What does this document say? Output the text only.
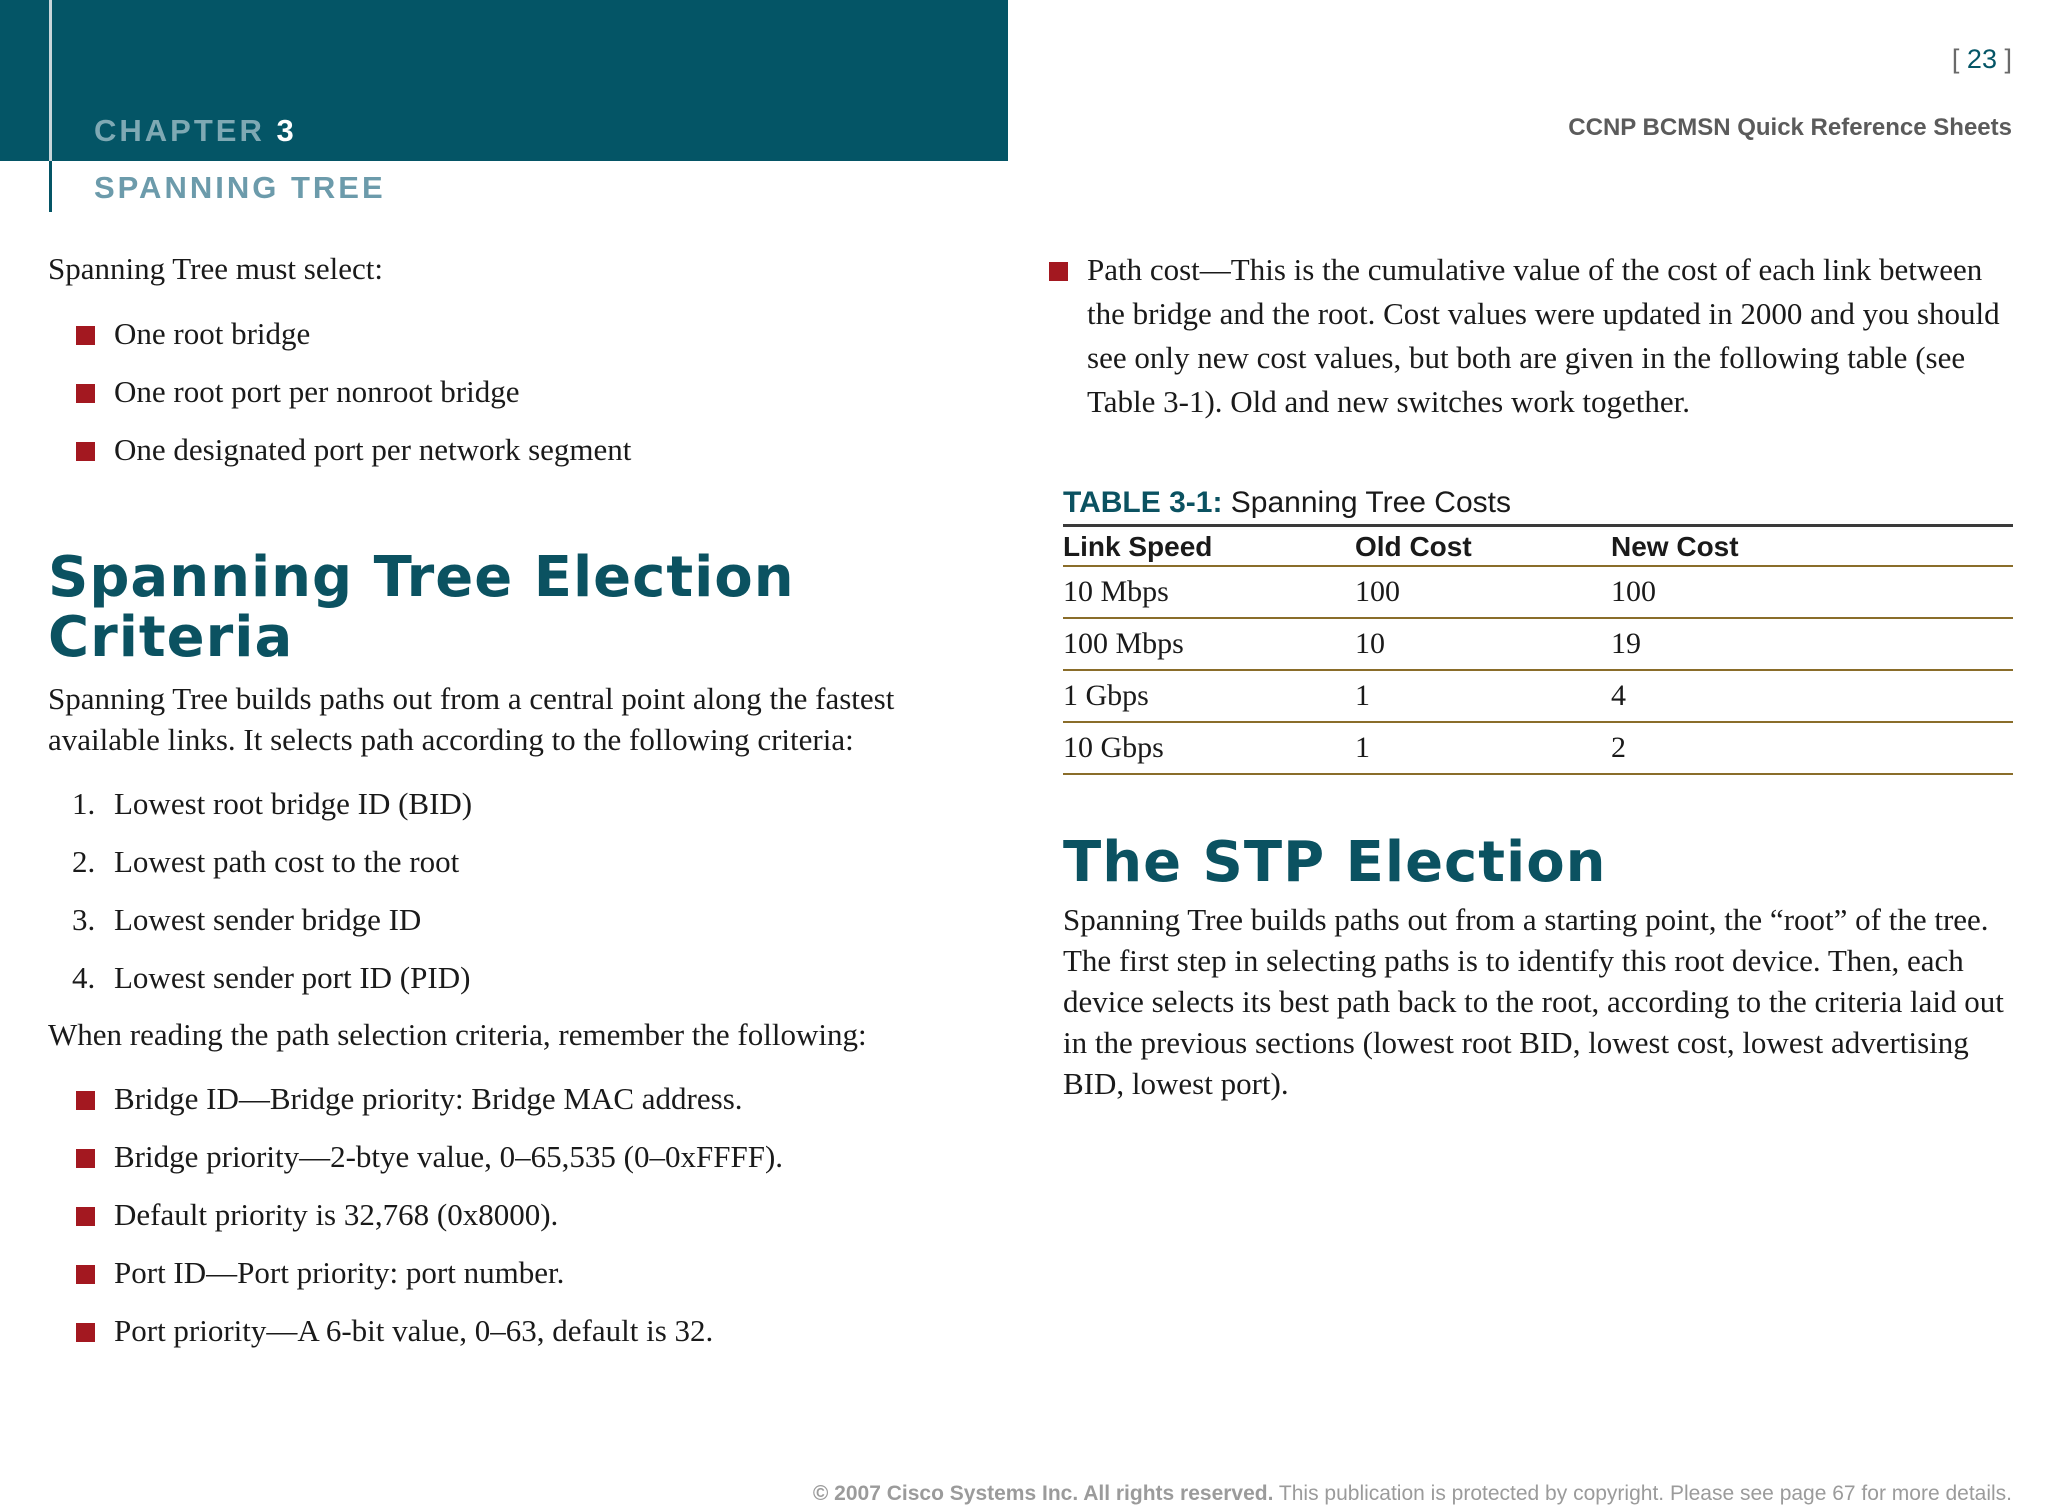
CHAPTER 3
SPANNING TREE
[ 23 ]
CCNP BCMSN Quick Reference Sheets

Spanning Tree must select:

One root bridge
One root port per nonroot bridge
One designated port per network segment
Spanning Tree Election Criteria

Spanning Tree builds paths out from a central point along the fastest available links. It selects path according to the following criteria:

1. Lowest root bridge ID (BID)
2. Lowest path cost to the root
3. Lowest sender bridge ID
4. Lowest sender port ID (PID)

When reading the path selection criteria, remember the following:

Bridge ID—Bridge priority: Bridge MAC address.
Bridge priority—2-btye value, 0–65,535 (0–0xFFFF).
Default priority is 32,768 (0x8000).
Port ID—Port priority: port number.
Port priority—A 6-bit value, 0–63, default is 32.
Path cost—This is the cumulative value of the cost of each link between the bridge and the root. Cost values were updated in 2000 and you should see only new cost values, but both are given in the following table (see Table 3-1). Old and new switches work together.
TABLE 3-1: Spanning Tree Costs
Link Speed	Old Cost	New Cost
10 Mbps	100	100
100 Mbps	10	19
1 Gbps	1	4
10 Gbps	1	2
The STP Election

Spanning Tree builds paths out from a starting point, the “root” of the tree. The first step in selecting paths is to identify this root device. Then, each device selects its best path back to the root, according to the criteria laid out in the previous sections (lowest root BID, lowest cost, lowest advertising BID, lowest port).

© 2007 Cisco Systems Inc. All rights reserved. This publication is protected by copyright. Please see page 67 for more details.
